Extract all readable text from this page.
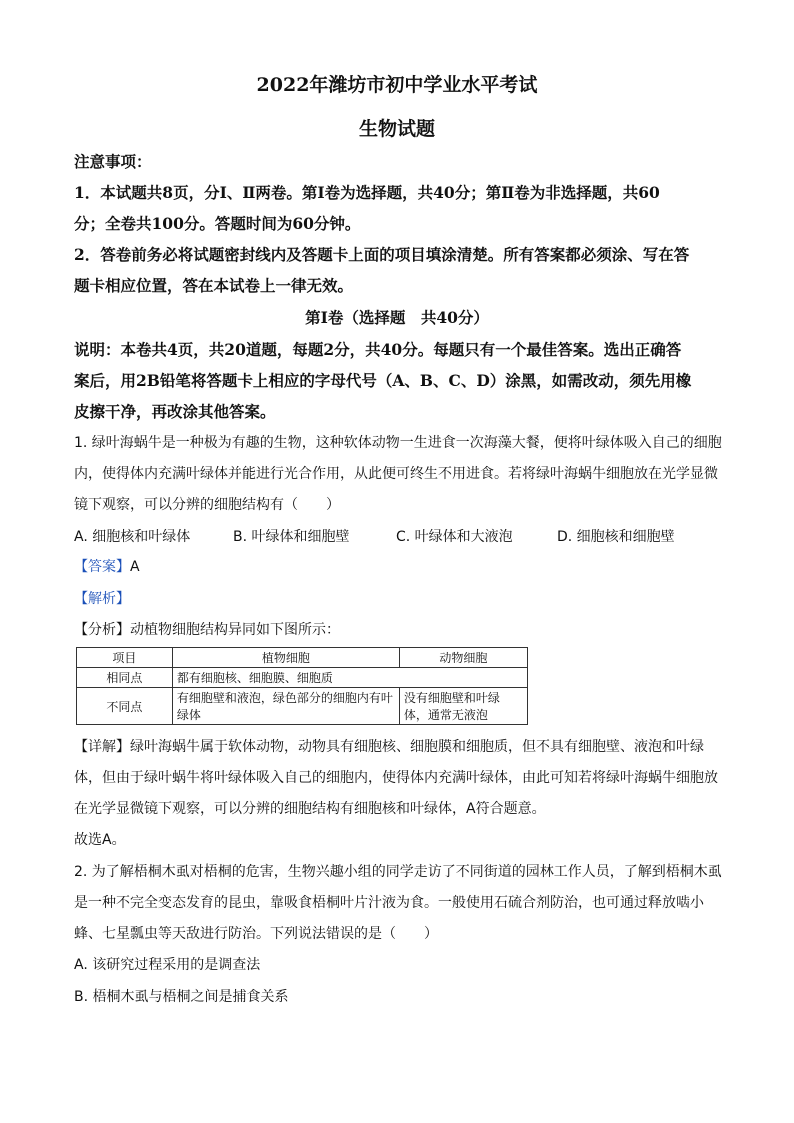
2022年潍坊市初中学业水平考试
生物试题
注意事项：
1．本试题共8页，分Ⅰ、Ⅱ两卷。第Ⅰ卷为选择题，共40分；第Ⅱ卷为非选择题，共60
分；全卷共100分。答题时间为60分钟。
2．答卷前务必将试题密封线内及答题卡上面的项目填涂清楚。所有答案都必须涂、写在答
题卡相应位置，答在本试卷上一律无效。
第Ⅰ卷（选择题　共40分）
说明：本卷共4页，共20道题，每题2分，共40分。每题只有一个最佳答案。选出正确答
案后，用2B铅笔将答题卡上相应的字母代号（A、B、C、D）涂黑，如需改动，须先用橡
皮擦干净，再改涂其他答案。
1. 绿叶海蜗牛是一种极为有趣的生物，这种软体动物一生进食一次海藻大餐，便将叶绿体吸入自己的细胞
内，使得体内充满叶绿体并能进行光合作用，从此便可终生不用进食。若将绿叶海蜗牛细胞放在光学显微
镜下观察，可以分辨的细胞结构有（　　）
A. 细胞核和叶绿体	B. 叶绿体和细胞壁	C. 叶绿体和大液泡	D. 细胞核和细胞壁
【答案】A
【解析】
【分析】动植物细胞结构异同如下图所示：
项目	植物细胞	动物细胞
相同点	都有细胞核、细胞膜、细胞质	
不同点	有细胞壁和液泡，绿色部分的细胞内有叶绿体	没有细胞壁和叶绿体，通常无液泡
【详解】绿叶海蜗牛属于软体动物，动物具有细胞核、细胞膜和细胞质，但不具有细胞壁、液泡和叶绿
体，但由于绿叶蜗牛将叶绿体吸入自己的细胞内，使得体内充满叶绿体，由此可知若将绿叶海蜗牛细胞放
在光学显微镜下观察，可以分辨的细胞结构有细胞核和叶绿体，A符合题意。
故选A。
2. 为了解梧桐木虱对梧桐的危害，生物兴趣小组的同学走访了不同街道的园林工作人员，了解到梧桐木虱
是一种不完全变态发育的昆虫，靠吸食梧桐叶片汁液为食。一般使用石硫合剂防治，也可通过释放啮小
蜂、七星瓢虫等天敌进行防治。下列说法错误的是（　　）
A. 该研究过程采用的是调查法
B. 梧桐木虱与梧桐之间是捕食关系
